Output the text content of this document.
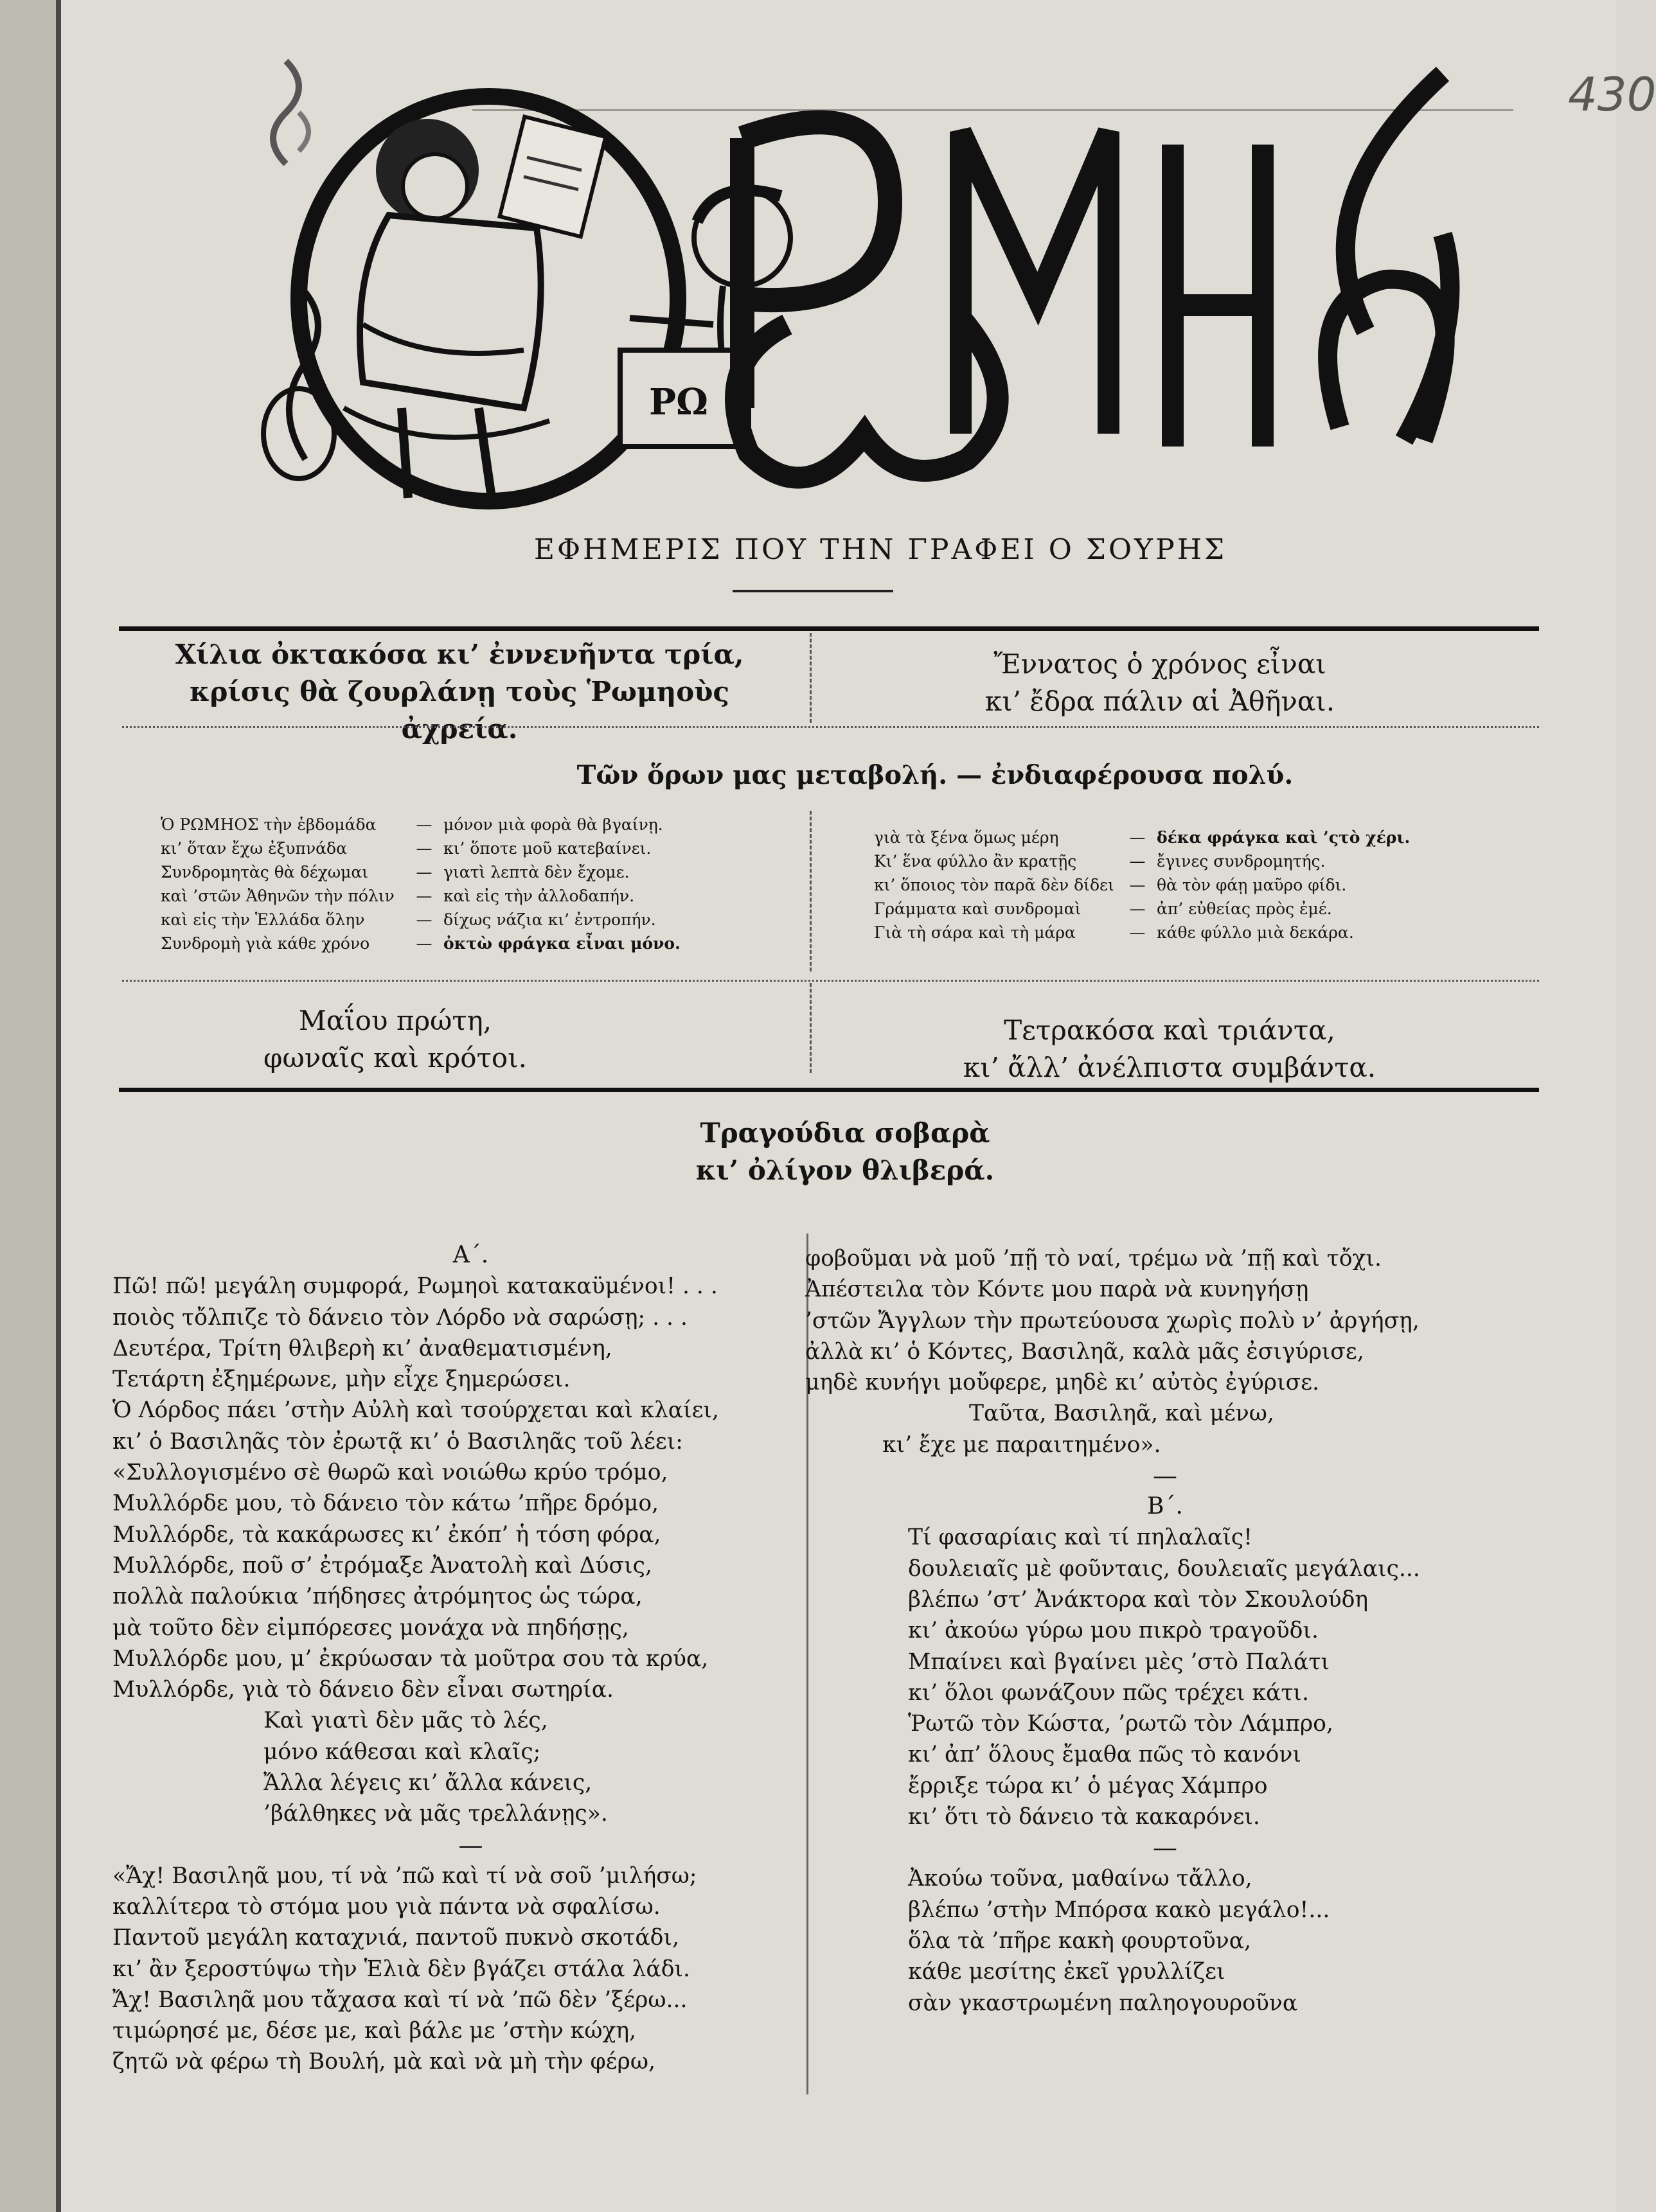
430
PΩ
ΕΦΗΜΕΡΙΣ ΠΟΥ ΤΗΝ ΓΡΑΦΕΙ Ο ΣΟΥΡΗΣ
Χίλια ὀκτακόσα κι’ ἐννενῆντα τρία,
κρίσις θὰ ζουρλάνῃ τοὺς Ῥωμηοὺς ἀχρεία.
Ἔννατος ὁ χρόνος εἶναι
κι’ ἔδρα πάλιν αἱ Ἀθῆναι.
Τῶν ὅρων μας μεταβολή. — ἐνδιαφέρουσα πολύ.
Ὁ ΡΩΜΗΟΣ τὴν ἑβδομάδα	— μόνον μιὰ φορὰ θὰ βγαίνῃ.
κι’ ὅταν ἔχω ἐξυπνάδα	— κι’ ὅποτε μοῦ κατεβαίνει.
Συνδρομητὰς θὰ δέχωμαι	— γιατὶ λεπτὰ δὲν ἔχομε.
καὶ ’στῶν Ἀθηνῶν τὴν πόλιν	— καὶ εἰς τὴν ἀλλοδαπήν.
καὶ εἰς τὴν Ἑλλάδα ὅλην	— δίχως νάζια κι’ ἐντροπήν.
Συνδρομὴ γιὰ κάθε χρόνο	— ὀκτὼ φράγκα εἶναι μόνο.
γιὰ τὰ ξένα ὅμως μέρη	— δέκα φράγκα καὶ ’ςτὸ χέρι.
Κι’ ἕνα φύλλο ἂν κρατῇς	— ἔγινες συνδρομητής.
κι’ ὅποιος τὸν παρᾶ δὲν δίδει — θὰ τὸν φάῃ μαῦρο φίδι.
Γράμματα καὶ συνδρομαὶ	— ἀπ’ εὐθείας πρὸς ἐμέ.
Γιὰ τὴ σάρα καὶ τὴ μάρα	— κάθε φύλλο μιὰ δεκάρα.
Μαΐου πρώτη,
φωναῖς καὶ κρότοι.
Τετρακόσα καὶ τριάντα,
κι’ ἄλλ’ ἀνέλπιστα συμβάντα.
Τραγούδια σοβαρὰ
κι’ ὀλίγον θλιβερά.
Α΄.
Πῶ! πῶ! μεγάλη συμφορά, Ρωμηοὶ κατακαϋμένοι! . . .
ποιὸς τὄλπιζε τὸ δάνειο τὸν Λόρδο νὰ σαρώσῃ; . . .
Δευτέρα, Τρίτη θλιβερὴ κι’ ἀναθεματισμένη,
Τετάρτη ἐξημέρωνε, μὴν εἶχε ξημερώσει.
Ὁ Λόρδος πάει ’στὴν Αὐλὴ καὶ τσούρχεται καὶ κλαίει,
κι’ ὁ Βασιληᾶς τὸν ἐρωτᾷ κι’ ὁ Βασιληᾶς τοῦ λέει:
«Συλλογισμένο σὲ θωρῶ καὶ νοιώθω κρύο τρόμο,
Μυλλόρδε μου, τὸ δάνειο τὸν κάτω ’πῆρε δρόμο,
Μυλλόρδε, τὰ κακάρωσες κι’ ἐκόπ’ ἡ τόση φόρα,
Μυλλόρδε, ποῦ σ’ ἐτρόμαξε Ἀνατολὴ καὶ Δύσις,
πολλὰ παλούκια ’πήδησες ἀτρόμητος ὡς τώρα,
μὰ τοῦτο δὲν εἰμπόρεσες μονάχα νὰ πηδήσῃς,
Μυλλόρδε μου, μ’ ἐκρύωσαν τὰ μοῦτρα σου τὰ κρύα,
Μυλλόρδε, γιὰ τὸ δάνειο δὲν εἶναι σωτηρία.
Καὶ γιατὶ δὲν μᾶς τὸ λές,
μόνο κάθεσαι καὶ κλαῖς;
Ἄλλα λέγεις κι’ ἄλλα κάνεις,
’βάλθηκες νὰ μᾶς τρελλάνῃς».
—
«Ἄχ! Βασιληᾶ μου, τί νὰ ’πῶ καὶ τί νὰ σοῦ ’μιλήσω;
καλλίτερα τὸ στόμα μου γιὰ πάντα νὰ σφαλίσω.
Παντοῦ μεγάλη καταχνιά, παντοῦ πυκνὸ σκοτάδι,
κι’ ἂν ξεροστύψω τὴν Ἑλιὰ δὲν βγάζει στάλα λάδι.
Ἄχ! Βασιληᾶ μου τἄχασα καὶ τί νὰ ’πῶ δὲν ’ξέρω...
τιμώρησέ με, δέσε με, καὶ βάλε με ’στὴν κώχη,
ζητῶ νὰ φέρω τὴ Βουλή, μὰ καὶ νὰ μὴ τὴν φέρω,
φοβοῦμαι νὰ μοῦ ’πῇ τὸ ναί, τρέμω νὰ ’πῇ καὶ τὄχι.
Ἀπέστειλα τὸν Κόντε μου παρὰ νὰ κυνηγήσῃ
’στῶν Ἄγγλων τὴν πρωτεύουσα χωρὶς πολὺ ν’ ἀργήσῃ,
ἀλλὰ κι’ ὁ Κόντες, Βασιληᾶ, καλὰ μᾶς ἐσιγύρισε,
μηδὲ κυνήγι μοὔφερε, μηδὲ κι’ αὐτὸς ἐγύρισε.
Ταῦτα, Βασιληᾶ, καὶ μένω,
κι’ ἔχε με παραιτημένο».
—
Β΄.
Τί φασαρίαις καὶ τί πηλαλαῖς!
δουλειαῖς μὲ φοῦνταις, δουλειαῖς μεγάλαις...
βλέπω ’στ’ Ἀνάκτορα καὶ τὸν Σκουλούδη
κι’ ἀκούω γύρω μου πικρὸ τραγοῦδι.
Μπαίνει καὶ βγαίνει μὲς ’στὸ Παλάτι
κι’ ὅλοι φωνάζουν πῶς τρέχει κάτι.
Ῥωτῶ τὸν Κώστα, ’ρωτῶ τὸν Λάμπρο,
κι’ ἀπ’ ὅλους ἔμαθα πῶς τὸ κανόνι
ἔρριξε τώρα κι’ ὁ μέγας Χάμπρο
κι’ ὅτι τὸ δάνειο τὰ κακαρόνει.
—
Ἀκούω τοῦνα, μαθαίνω τἄλλο,
βλέπω ’στὴν Μπόρσα κακὸ μεγάλο!...
ὅλα τὰ ’πῆρε κακὴ φουρτοῦνα,
κάθε μεσίτης ἐκεῖ γρυλλίζει
σὰν γκαστρωμένη παληογουροῦνα
